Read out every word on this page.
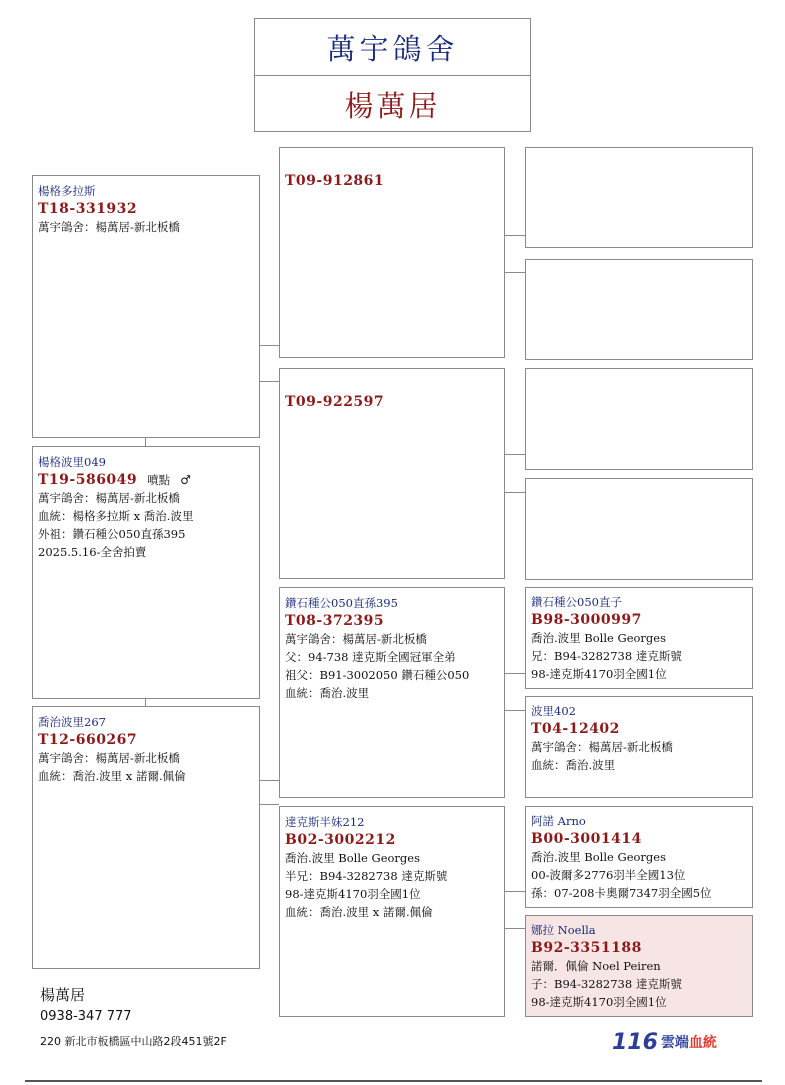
萬宇鴿舍
楊萬居
楊格多拉斯
T18-331932
萬宇鴿舍：楊萬居-新北板橋
楊格波里049
T19-586049 噴點 ♂
萬宇鴿舍：楊萬居-新北板橋
血統：楊格多拉斯 x 喬治.波里
外祖：鑽石種公050直孫395
2025.5.16-全舍拍賣
喬治波里267
T12-660267
萬宇鴿舍：楊萬居-新北板橋
血統：喬治.波里 x 諾爾.佩倫
T09-912861
T09-922597
鑽石種公050直孫395
T08-372395
萬宇鴿舍：楊萬居-新北板橋
父：94-738 達克斯全國冠軍全弟
祖父：B91-3002050 鑽石種公050
血統：喬治.波里
達克斯半妹212
B02-3002212
喬治.波里 Bolle Georges
半兄：B94-3282738 達克斯號
98-達克斯4170羽全國1位
血統：喬治.波里 x 諾爾.佩倫
鑽石種公050直子
B98-3000997
喬治.波里 Bolle Georges
兄：B94-3282738 達克斯號
98-達克斯4170羽全國1位
波里402
T04-12402
萬宇鴿舍：楊萬居-新北板橋
血統：喬治.波里
阿諾 Arno
B00-3001414
喬治.波里 Bolle Georges
00-波爾多2776羽半全國13位
孫：07-208卡奧爾7347羽全國5位
娜拉 Noella
B92-3351188
諾爾．佩倫 Noel Peiren
子：B94-3282738 達克斯號
98-達克斯4170羽全國1位
楊萬居
0938-347 777
220 新北市板橋區中山路2段451號2F	116 雲端血統
